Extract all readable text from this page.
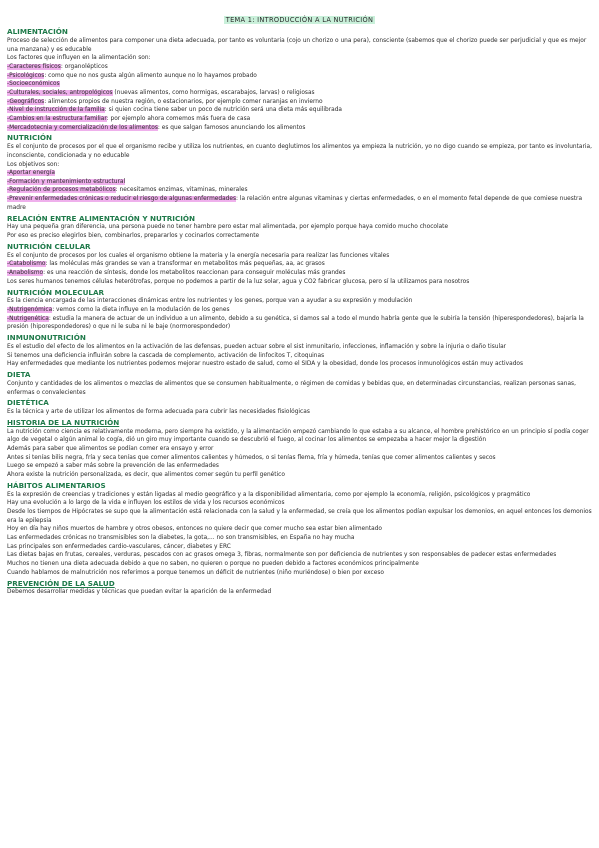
TEMA 1: INTRODUCCIÓN A LA NUTRICIÓN
ALIMENTACIÓN

Proceso de selección de alimentos para componer una dieta adecuada, por tanto es voluntaria (cojo un chorizo o una pera), consciente (sabemos que el chorizo puede ser perjudicial y que es mejor una manzana) y es educable

Los factores que influyen en la alimentación son:

-Caracteres físicos: organolépticos

-Psicológicos: como que no nos gusta algún alimento aunque no lo hayamos probado

-Socioeconómicos

-Culturales, sociales, antropológicos (nuevas alimentos, como hormigas, escarabajos, larvas) o religiosas

-Geográficos: alimentos propios de nuestra región, o estacionarios, por ejemplo comer naranjas en invierno

-Nivel de instrucción de la familia: si quien cocina tiene saber un poco de nutrición será una dieta más equilibrada

-Cambios en la estructura familiar: por ejemplo ahora comemos más fuera de casa

-Mercadotecnia y comercialización de los alimentos: es que salgan famosos anunciando los alimentos

NUTRICIÓN

Es el conjunto de procesos por el que el organismo recibe y utiliza los nutrientes, en cuanto deglutimos los alimentos ya empieza la nutrición, yo no digo cuando se empieza, por tanto es involuntaria, inconsciente, condicionada y no educable

Los objetivos son:

-Aportar energía

-Formación y mantenimiento estructural

-Regulación de procesos metabólicos: necesitamos enzimas, vitaminas, minerales

-Prevenir enfermedades crónicas o reducir el riesgo de algunas enfermedades: la relación entre algunas vitaminas y ciertas enfermedades, o en el momento fetal depende de que comiese nuestra madre

RELACIÓN ENTRE ALIMENTACIÓN Y NUTRICIÓN

Hay una pequeña gran diferencia, una persona puede no tener hambre pero estar mal alimentada, por ejemplo porque haya comido mucho chocolate

Por eso es preciso elegirlos bien, combinarlos, prepararlos y cocinarlos correctamente

NUTRICIÓN CELULAR

Es el conjunto de procesos por los cuales el organismo obtiene la materia y la energía necesaria para realizar las funciones vitales

-Catabolismo: las moléculas más grandes se van a transformar en metabolitos más pequeñas, aa, ac grasos

-Anabolismo: es una reacción de síntesis, donde los metabolitos reaccionan para conseguir moléculas más grandes

Los seres humanos tenemos células heterótrofas, porque no podemos a partir de la luz solar, agua y CO2 fabricar glucosa, pero sí la utilizamos para nosotros

NUTRICIÓN MOLECULAR

Es la ciencia encargada de las interacciones dinámicas entre los nutrientes y los genes, porque van a ayudar a su expresión y modulación

-Nutrigenómica: vemos como la dieta influye en la modulación de los genes

-Nutrigenética: estudia la manera de actuar de un individuo a un alimento, debido a su genética, si damos sal a todo el mundo habría gente que le subiría la tensión (hiperespondedores), bajaría la presión (hiporespondedores) o que ni le suba ni le baje (normorespondedor)

INMUNONUTRICIÓN

Es el estudio del efecto de los alimentos en la activación de las defensas, pueden actuar sobre el sist inmunitario, infecciones, inflamación y sobre la injuria o daño tisular

Si tenemos una deficiencia influirán sobre la cascada de complemento, activación de linfocitos T, citoquinas

Hay enfermedades que mediante los nutrientes podemos mejorar nuestro estado de salud, como el SIDA y la obesidad, donde los procesos inmunológicos están muy activados

DIETA

Conjunto y cantidades de los alimentos o mezclas de alimentos que se consumen habitualmente, o régimen de comidas y bebidas que, en determinadas circunstancias, realizan personas sanas, enfermas o convalecientes

DIETÉTICA

Es la técnica y arte de utilizar los alimentos de forma adecuada para cubrir las necesidades fisiológicas

HISTORIA DE LA NUTRICIÓN

La nutrición como ciencia es relativamente moderna, pero siempre ha existido, y la alimentación empezó cambiando lo que estaba a su alcance, el hombre prehistórico en un principio sí podía coger algo de vegetal o algún animal lo cogía, dió un giro muy importante cuando se descubrió el fuego, al cocinar los alimentos se empezaba a hacer mejor la digestión

Además para saber que alimentos se podían comer era ensayo y error

Antes si tenías bilis negra, fría y seca tenías que comer alimentos calientes y húmedos, o si tenías flema, fría y húmeda, tenías que comer alimentos calientes y secos

Luego se empezó a saber más sobre la prevención de las enfermedades

Ahora existe la nutrición personalizada, es decir, que alimentos comer según tu perfil genético

HÁBITOS ALIMENTARIOS

Es la expresión de creencias y tradiciones y están ligadas al medio geográfico y a la disponibilidad alimentaria, como por ejemplo la economía, religión, psicológicos y pragmático

Hay una evolución a lo largo de la vida e influyen los estilos de vida y los recursos económicos

Desde los tiempos de Hipócrates se supo que la alimentación está relacionada con la salud y la enfermedad, se creía que los alimentos podían expulsar los demonios, en aquel entonces los demonios era la epilepsia

Hoy en día hay niños muertos de hambre y otros obesos, entonces no quiere decir que comer mucho sea estar bien alimentado

Las enfermedades crónicas no transmisibles son la diabetes, la gota,... no son transmisibles, en España no hay mucha

Las principales son enfermedades cardio-vasculares, cáncer, diabetes y ERC

Las dietas bajas en frutas, cereales, verduras, pescados con ac grasos omega 3, fibras, normalmente son por deficiencia de nutrientes y son responsables de padecer estas enfermedades

Muchos no tienen una dieta adecuada debido a que no saben, no quieren o porque no pueden debido a factores económicos principalmente

Cuando hablamos de malnutrición nos referimos a porque tenemos un déficit de nutrientes (niño muriéndose) o bien por exceso

PREVENCIÓN DE LA SALUD

Debemos desarrollar medidas y técnicas que puedan evitar la aparición de la enfermedad
